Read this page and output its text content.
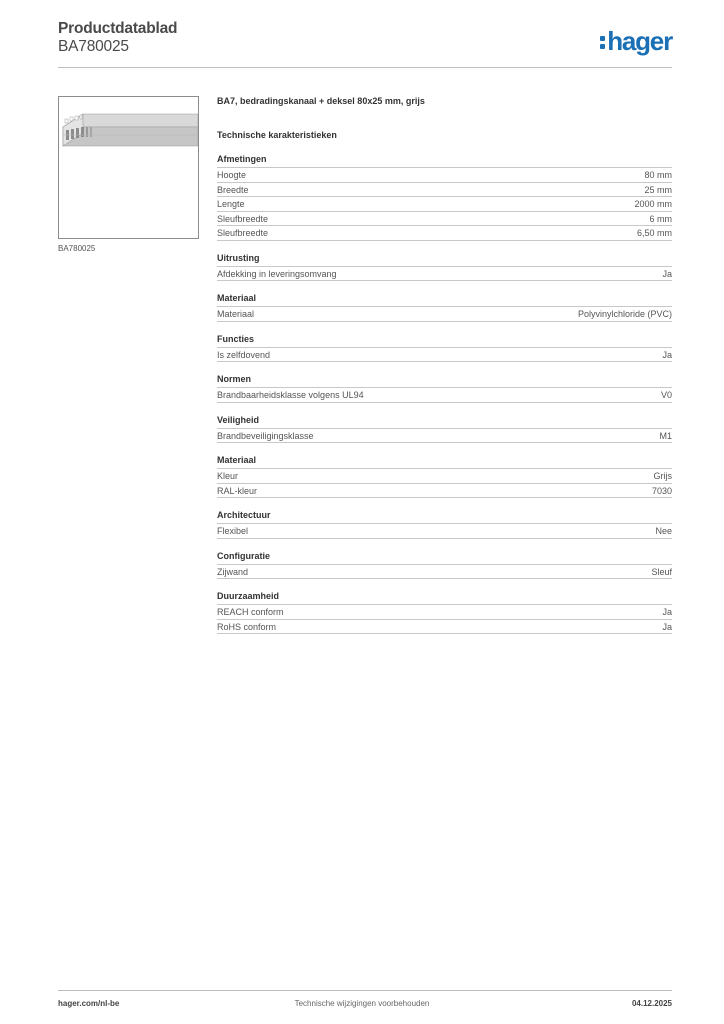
Productdatablad
BA780025	hager
BA780025
BA7, bedradingskanaal + deksel 80x25 mm, grijs
Technische karakteristieken
Afmetingen
Hoogte	80 mm
Breedte	25 mm
Lengte	2000 mm
Sleufbreedte	6 mm
Sleufbreedte	6,50 mm
Uitrusting
Afdekking in leveringsomvang	Ja
Materiaal
Materiaal	Polyvinylchloride (PVC)
Functies
Is zelfdovend	Ja
Normen
Brandbaarheidsklasse volgens UL94	V0
Veiligheid
Brandbeveiligingsklasse	M1
Materiaal
Kleur	Grijs
RAL-kleur	7030
Architectuur
Flexibel	Nee
Configuratie
Zijwand	Sleuf
Duurzaamheid
REACH conform	Ja
RoHS conform	Ja
hager.com/nl-be	Technische wijzigingen voorbehouden	04.12.2025
